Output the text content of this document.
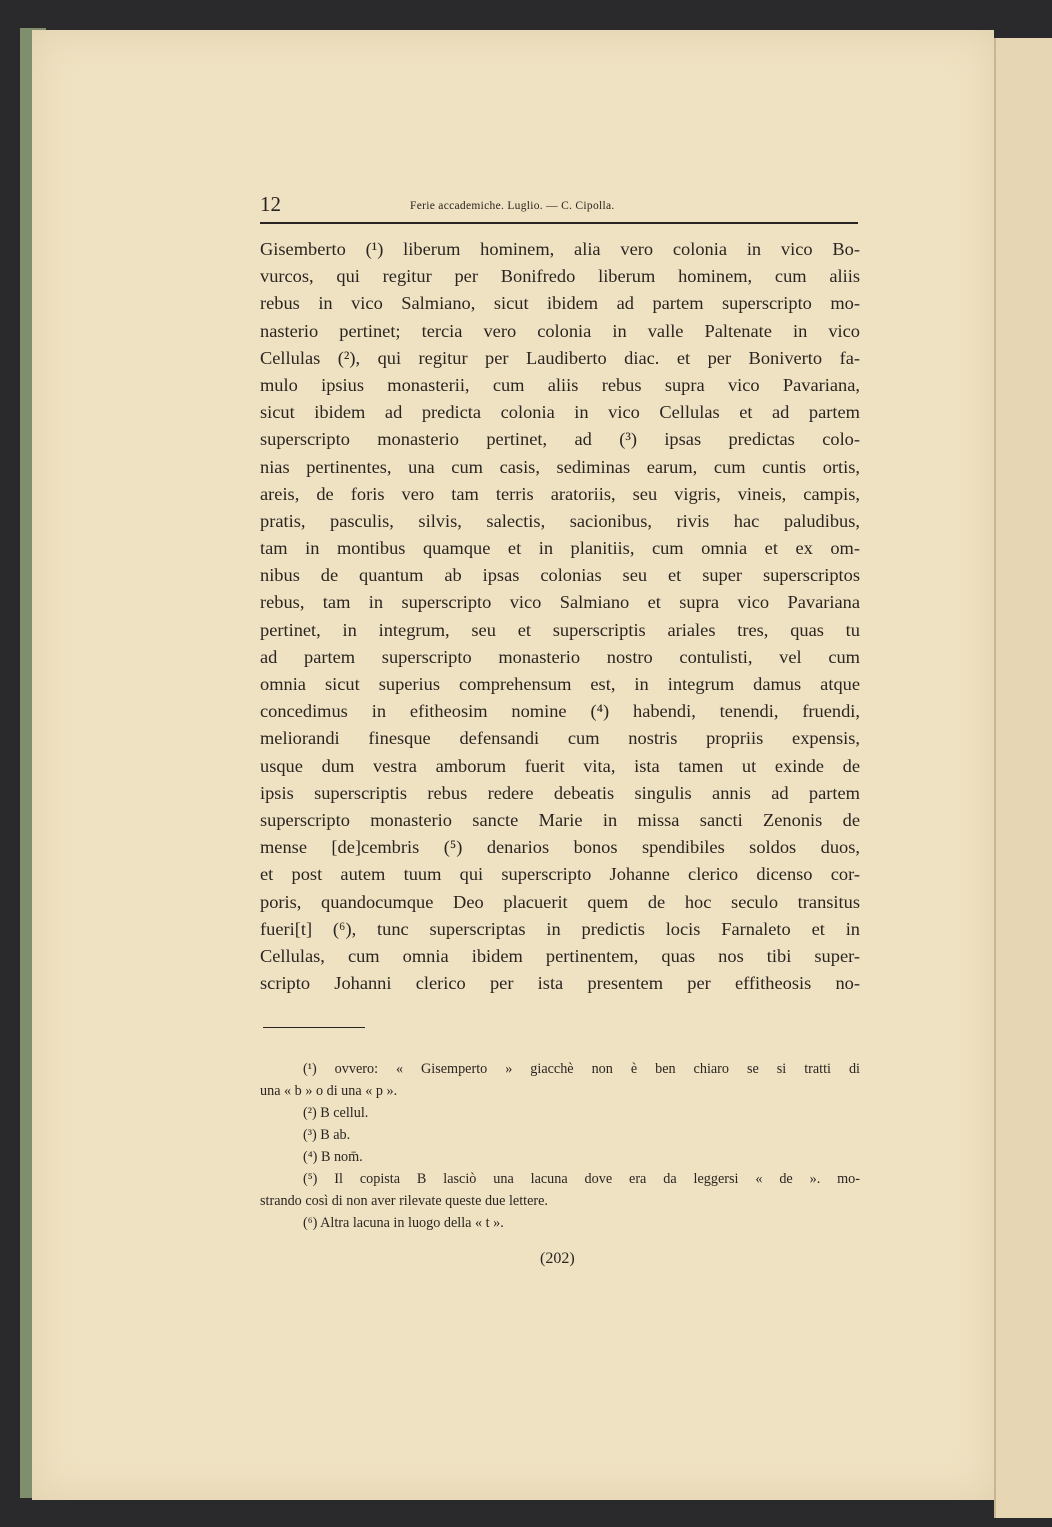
12	Ferie accademiche. Luglio. — C. Cipolla.
Gisemberto (¹) liberum hominem, alia vero colonia in vico Bo-
vurcos, qui regitur per Bonifredo liberum hominem, cum aliis
rebus in vico Salmiano, sicut ibidem ad partem superscripto mo-
nasterio pertinet; tercia vero colonia in valle Paltenate in vico
Cellulas (²), qui regitur per Laudiberto diac. et per Boniverto fa-
mulo ipsius monasterii, cum aliis rebus supra vico Pavariana,
sicut ibidem ad predicta colonia in vico Cellulas et ad partem
superscripto monasterio pertinet, ad (³) ipsas predictas colo-
nias pertinentes, una cum casis, sediminas earum, cum cuntis ortis,
areis, de foris vero tam terris aratoriis, seu vigris, vineis, campis,
pratis, pasculis, silvis, salectis, sacionibus, rivis hac paludibus,
tam in montibus quamque et in planitiis, cum omnia et ex om-
nibus de quantum ab ipsas colonias seu et super superscriptos
rebus, tam in superscripto vico Salmiano et supra vico Pavariana
pertinet, in integrum, seu et superscriptis ariales tres, quas tu
ad partem superscripto monasterio nostro contulisti, vel cum
omnia sicut superius comprehensum est, in integrum damus atque
concedimus in efitheosim nomine (⁴) habendi, tenendi, fruendi,
meliorandi finesque defensandi cum nostris propriis expensis,
usque dum vestra amborum fuerit vita, ista tamen ut exinde de
ipsis superscriptis rebus redere debeatis singulis annis ad partem
superscripto monasterio sancte Marie in missa sancti Zenonis de
mense [de]cembris (⁵) denarios bonos spendibiles soldos duos,
et post autem tuum qui superscripto Johanne clerico dicenso cor-
poris, quandocumque Deo placuerit quem de hoc seculo transitus
fueri[t] (⁶), tunc superscriptas in predictis locis Farnaleto et in
Cellulas, cum omnia ibidem pertinentem, quas nos tibi super-
scripto Johanni clerico per ista presentem per effitheosis no-
(¹) ovvero: « Gisemperto » giacchè non è ben chiaro se si tratti di
una « b » o di una « p ».
(²) B cellul.
(³) B ab.
(⁴) B nom̄.
(⁵) Il copista B lasciò una lacuna dove era da leggersi « de ». mo-
strando così di non aver rilevate queste due lettere.
(⁶) Altra lacuna in luogo della « t ».
(202)
